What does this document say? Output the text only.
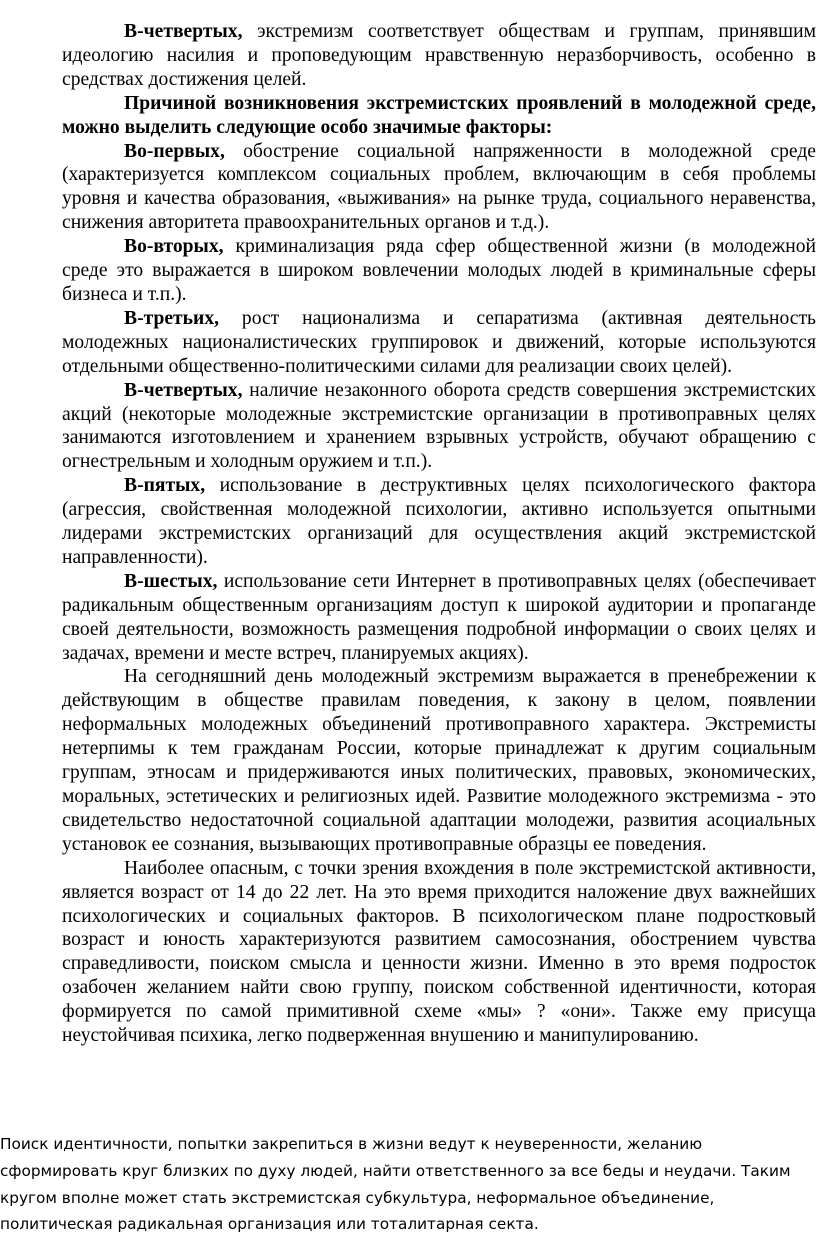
В-четвертых, экстремизм соответствует обществам и группам, принявшим идеологию насилия и проповедующим нравственную неразборчивость, особенно в средствах достижения целей.

Причиной возникновения экстремистских проявлений в молодежной среде, можно выделить следующие особо значимые факторы:

Во-первых, обострение социальной напряженности в молодежной среде (характеризуется комплексом социальных проблем, включающим в себя проблемы уровня и качества образования, «выживания» на рынке труда, социального неравенства, снижения авторитета правоохранительных органов и т.д.).

Во-вторых, криминализация ряда сфер общественной жизни (в молодежной среде это выражается в широком вовлечении молодых людей в криминальные сферы бизнеса и т.п.).

В-третьих, рост национализма и сепаратизма (активная деятельность молодежных националистических группировок и движений, которые используются отдельными общественно-политическими силами для реализации своих целей).

В-четвертых, наличие незаконного оборота средств совершения экстремистских акций (некоторые молодежные экстремистские организации в противоправных целях занимаются изготовлением и хранением взрывных устройств, обучают обращению с огнестрельным и холодным оружием и т.п.).

В-пятых, использование в деструктивных целях психологического фактора (агрессия, свойственная молодежной психологии, активно используется опытными лидерами экстремистских организаций для осуществления акций экстремистской направленности).

В-шестых, использование сети Интернет в противоправных целях (обеспечивает радикальным общественным организациям доступ к широкой аудитории и пропаганде своей деятельности, возможность размещения подробной информации о своих целях и задачах, времени и месте встреч, планируемых акциях).

На сегодняшний день молодежный экстремизм выражается в пренебрежении к действующим в обществе правилам поведения, к закону в целом, появлении неформальных молодежных объединений противоправного характера. Экстремисты нетерпимы к тем гражданам России, которые принадлежат к другим социальным группам, этносам и придерживаются иных политических, правовых, экономических, моральных, эстетических и религиозных идей. Развитие молодежного экстремизма - это свидетельство недостаточной социальной адаптации молодежи, развития асоциальных установок ее сознания, вызывающих противоправные образцы ее поведения.

Наиболее опасным, с точки зрения вхождения в поле экстремистской активности, является возраст от 14 до 22 лет. На это время приходится наложение двух важнейших психологических и социальных факторов. В психологическом плане подростковый возраст и юность характеризуются развитием самосознания, обострением чувства справедливости, поиском смысла и ценности жизни. Именно в это время подросток озабочен желанием найти свою группу, поиском собственной идентичности, которая формируется по самой примитивной схеме «мы» ? «они». Также ему присуща неустойчивая психика, легко подверженная внушению и манипулированию.

Поиск идентичности, попытки закрепиться в жизни ведут к неуверенности, желанию

сформировать круг близких по духу людей, найти ответственного за все беды и неудачи. Таким

кругом вполне может стать экстремистская субкультура, неформальное объединение,

политическая радикальная организация или тоталитарная секта.
